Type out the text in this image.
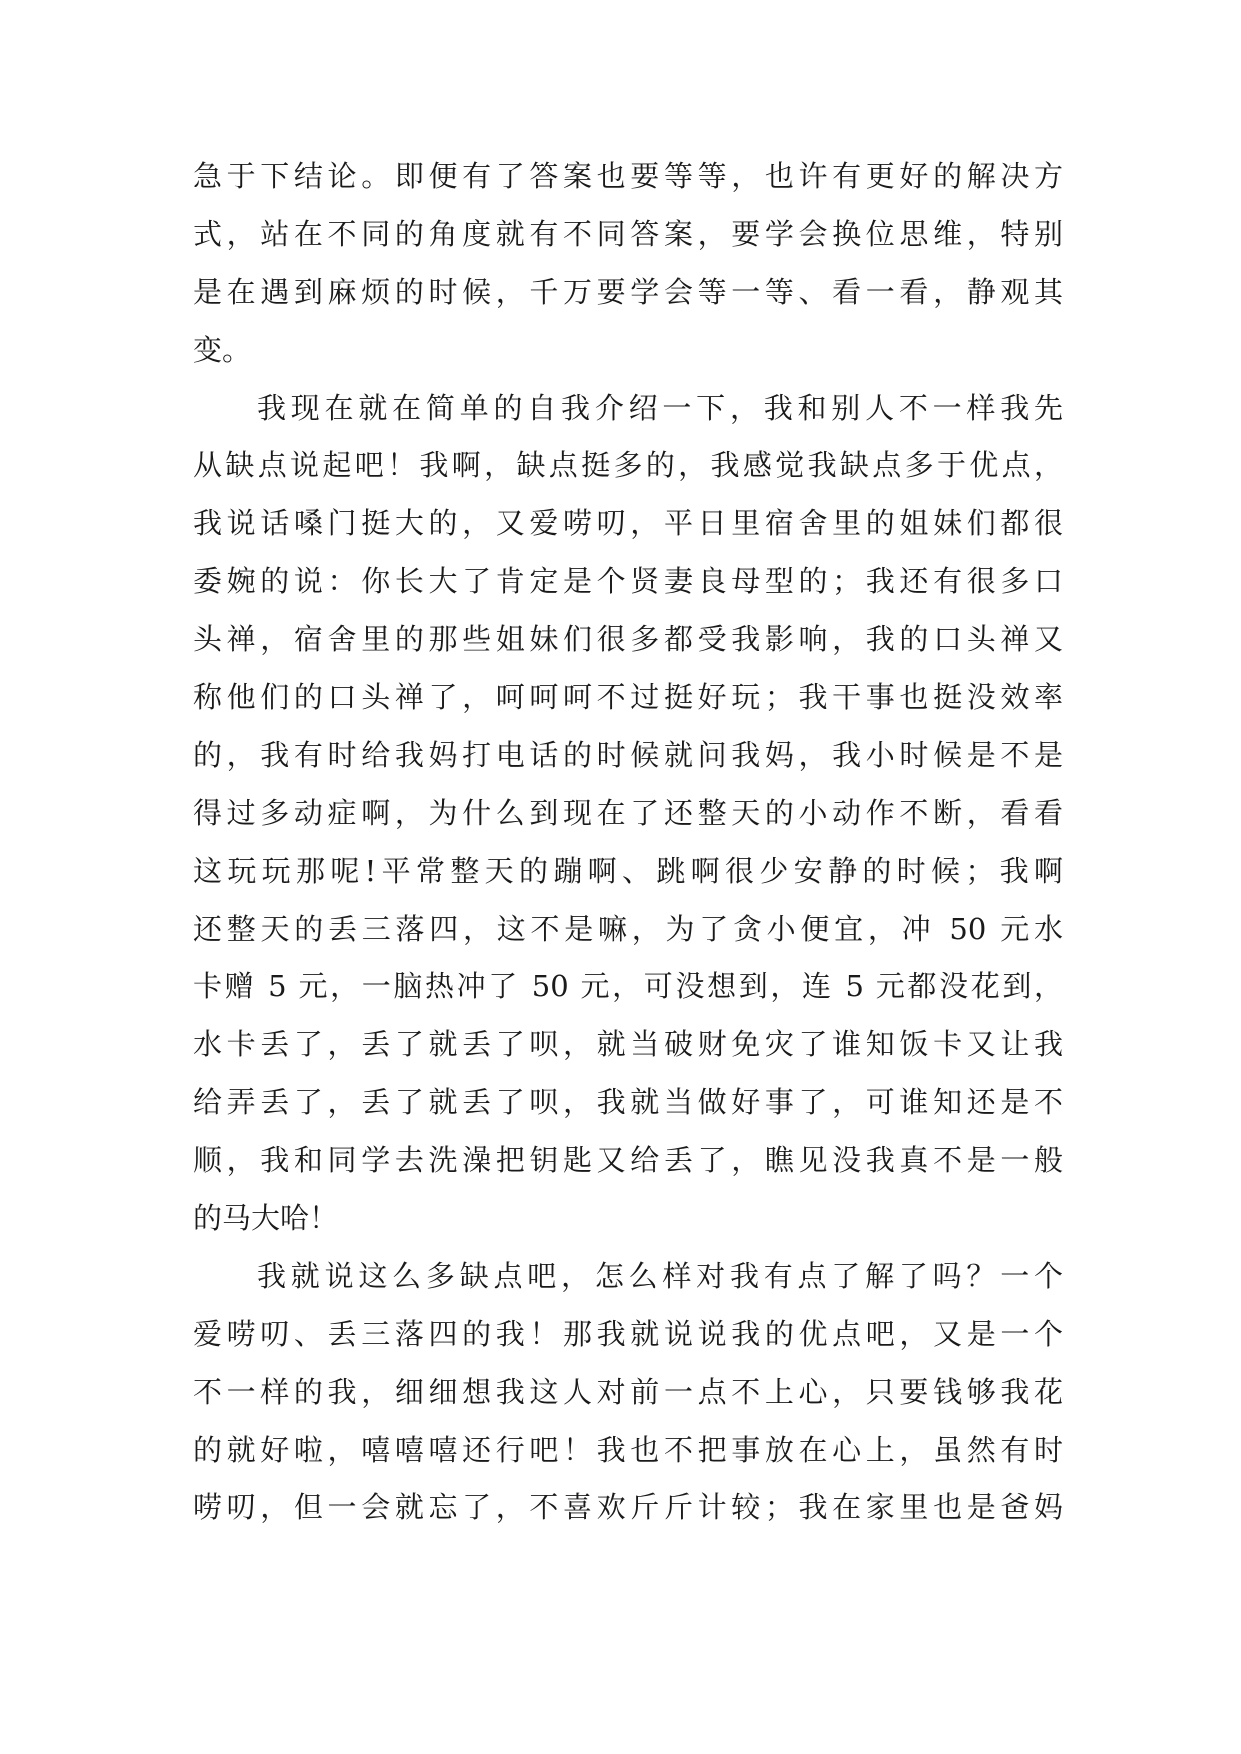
急于下结论。即便有了答案也要等等，也许有更好的解决方
式，站在不同的角度就有不同答案，要学会换位思维，特别
是在遇到麻烦的时候，千万要学会等一等、看一看，静观其
变。
我现在就在简单的自我介绍一下，我和别人不一样我先
从缺点说起吧！我啊，缺点挺多的，我感觉我缺点多于优点，
我说话嗓门挺大的，又爱唠叨，平日里宿舍里的姐妹们都很
委婉的说：你长大了肯定是个贤妻良母型的；我还有很多口
头禅，宿舍里的那些姐妹们很多都受我影响，我的口头禅又
称他们的口头禅了，呵呵呵不过挺好玩；我干事也挺没效率
的，我有时给我妈打电话的时候就问我妈，我小时候是不是
得过多动症啊，为什么到现在了还整天的小动作不断，看看
这玩玩那呢!平常整天的蹦啊、跳啊很少安静的时候；我啊
还整天的丢三落四，这不是嘛，为了贪小便宜，冲 50 元水
卡赠 5 元，一脑热冲了 50 元，可没想到，连 5 元都没花到，
水卡丢了，丢了就丢了呗，就当破财免灾了谁知饭卡又让我
给弄丢了，丢了就丢了呗，我就当做好事了，可谁知还是不
顺，我和同学去洗澡把钥匙又给丢了，瞧见没我真不是一般
的马大哈！
我就说这么多缺点吧，怎么样对我有点了解了吗？一个
爱唠叨、丢三落四的我！那我就说说我的优点吧，又是一个
不一样的我，细细想我这人对前一点不上心，只要钱够我花
的就好啦，嘻嘻嘻还行吧！我也不把事放在心上，虽然有时
唠叨，但一会就忘了，不喜欢斤斤计较；我在家里也是爸妈
